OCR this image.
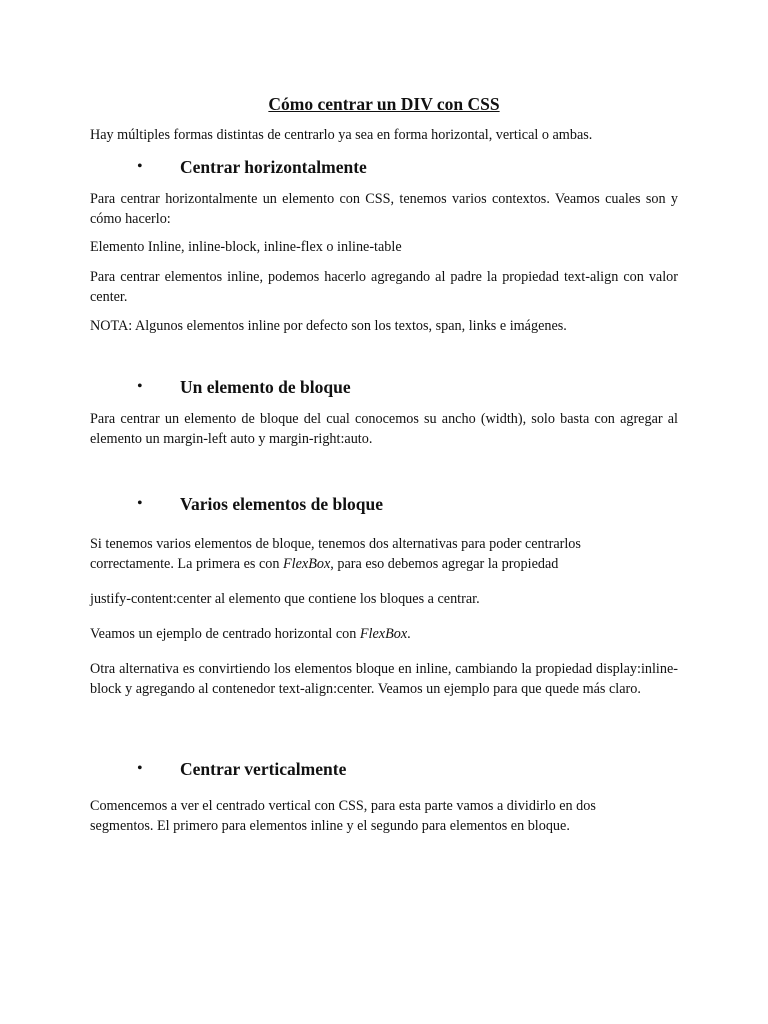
Cómo centrar un DIV con CSS

Hay múltiples formas distintas de centrarlo ya sea en forma horizontal, vertical o ambas.

• Centrar horizontalmente

Para centrar horizontalmente un elemento con CSS, tenemos varios contextos. Veamos cuales son y cómo hacerlo:

Elemento Inline, inline-block, inline-flex o inline-table

Para centrar elementos inline, podemos hacerlo agregando al padre la propiedad text-align con valor center.

NOTA: Algunos elementos inline por defecto son los textos, span, links e imágenes.

• Un elemento de bloque

Para centrar un elemento de bloque del cual conocemos su ancho (width), solo basta con agregar al elemento un margin-left auto y margin-right:auto.

• Varios elementos de bloque

Si tenemos varios elementos de bloque, tenemos dos alternativas para poder centrarlos
correctamente. La primera es con FlexBox, para eso debemos agregar la propiedad

justify-content:center al elemento que contiene los bloques a centrar.

Veamos un ejemplo de centrado horizontal con FlexBox.

Otra alternativa es convirtiendo los elementos bloque en inline, cambiando la propiedad display:inline-block y agregando al contenedor text-align:center. Veamos un ejemplo para que quede más claro.

• Centrar verticalmente

Comencemos a ver el centrado vertical con CSS, para esta parte vamos a dividirlo en dos
segmentos. El primero para elementos inline y el segundo para elementos en bloque.
